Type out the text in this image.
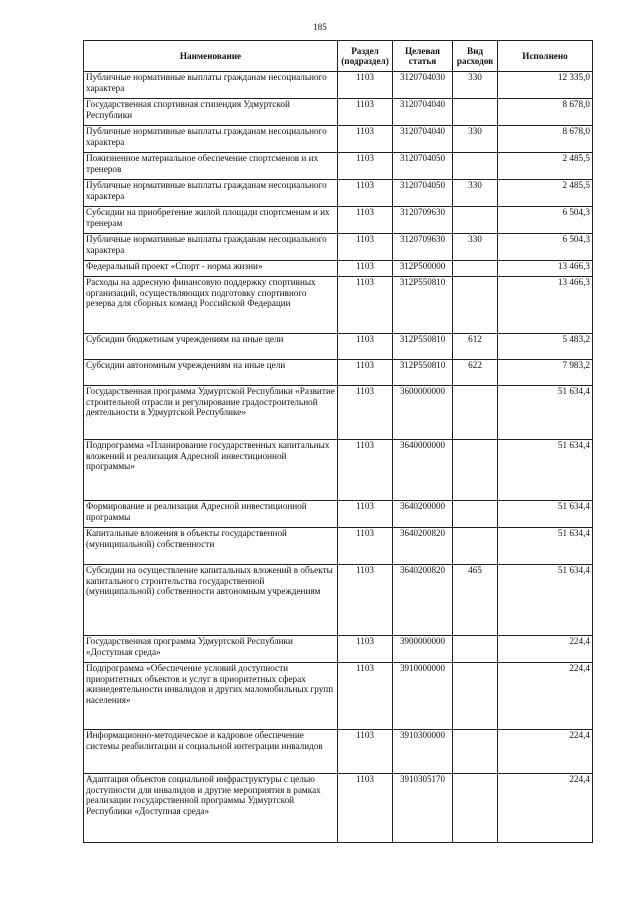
185
Наименование	Раздел (подраздел)	Целевая статья	Вид расходов	Исполнено
Публичные нормативные выплаты гражданам несоциального характера	1103	3120704030	330	12 335,0
Государственная спортивная стипендия Удмуртской Республики	1103	3120704040		8 678,0
Публичные нормативные выплаты гражданам несоциального характера	1103	3120704040	330	8 678,0
Пожизненное материальное обеспечение спортсменов и их тренеров	1103	3120704050		2 485,5
Публичные нормативные выплаты гражданам несоциального характера	1103	3120704050	330	2 485,5
Субсидии на приобретение жилой площади спортсменам и их тренерам	1103	3120709630		6 504,3
Публичные нормативные выплаты гражданам несоциального характера	1103	3120709630	330	6 504,3
Федеральный проект «Спорт - норма жизни»	1103	312P500000		13 466,3
Расходы на адресную финансовую поддержку спортивных организаций, осуществляющих подготовку спортивного резерва для сборных команд Российской Федерации	1103	312P550810		13 466,3
Субсидии бюджетным учреждениям на иные цели	1103	312P550810	612	5 483,2
Субсидии автономным учреждениям на иные цели	1103	312P550810	622	7 983,2
Государственная программа Удмуртской Республики «Развитие строительной отрасли и регулирование градостроительной деятельности в Удмуртской Республике»	1103	3600000000		51 634,4
Подпрограмма «Планирование государственных капитальных вложений и реализация Адресной инвестиционной программы»	1103	3640000000		51 634,4
Формирование и реализация Адресной инвестиционной программы	1103	3640200000		51 634,4
Капитальные вложения в объекты государственной (муниципальной) собственности	1103	3640200820		51 634,4
Субсидии на осуществление капитальных вложений в объекты капитального строительства государственной (муниципальной) собственности автономным учреждениям	1103	3640200820	465	51 634,4
Государственная программа Удмуртской Республики «Доступная среда»	1103	3900000000		224,4
Подпрограмма «Обеспечение условий доступности приоритетных объектов и услуг в приоритетных сферах жизнедеятельности инвалидов и других маломобильных групп населения»	1103	3910000000		224,4
Информационно-методическое и кадровое обеспечение системы реабилитации и социальной интеграции инвалидов	1103	3910300000		224,4
Адаптация объектов социальной инфраструктуры с целью доступности для инвалидов и другие мероприятия в рамках реализации государственной программы Удмуртской Республики «Доступная среда»	1103	3910305170		224,4
